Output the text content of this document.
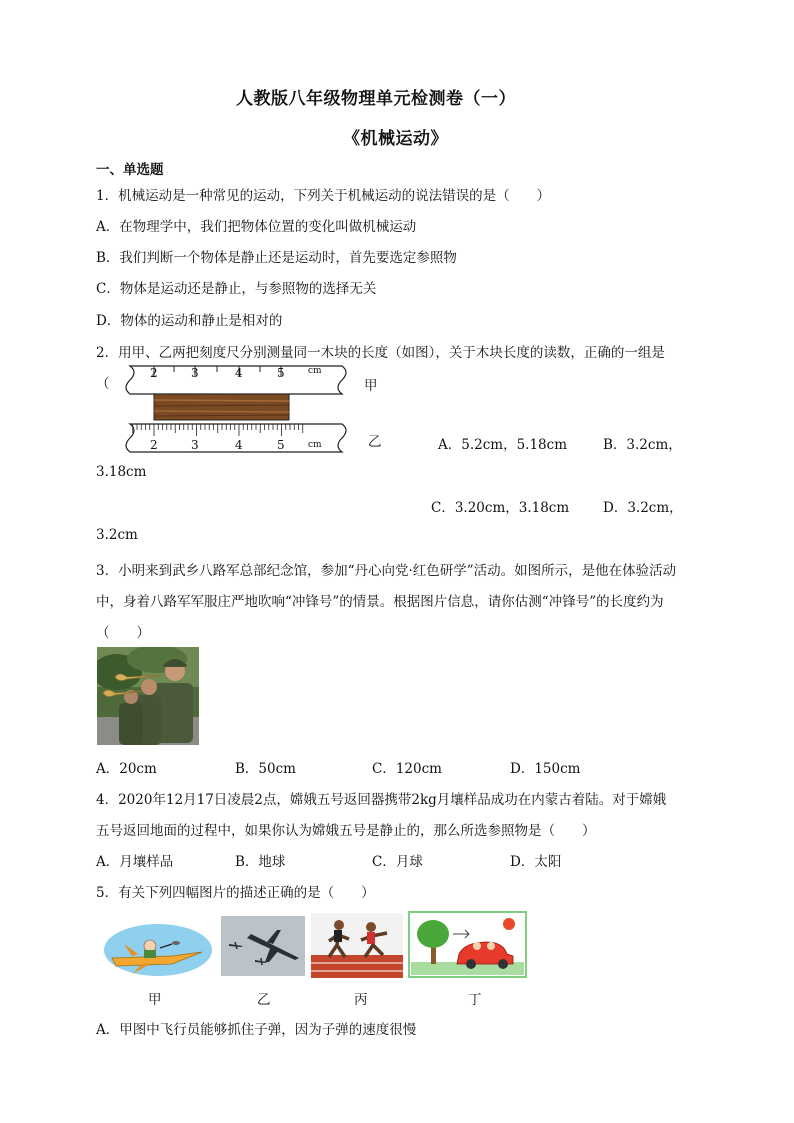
人教版八年级物理单元检测卷（一）
《机械运动》
一、单选题
1．机械运动是一种常见的运动，下列关于机械运动的说法错误的是（　　）
A．在物理学中，我们把物体位置的变化叫做机械运动
B．我们判断一个物体是静止还是运动时，首先要选定参照物
C．物体是运动还是静止，与参照物的选择无关
D．物体的运动和静止是相对的
2．用甲、乙两把刻度尺分别测量同一木块的长度（如图），关于木块长度的读数，正确的一组是
（
2	3	4	5	cm
2	3	4	5	cm
甲
乙	A．5.2cm，5.18cm	B．3.2cm，
3.18cm
C．3.20cm，3.18cm	D．3.2cm，
3.2cm
3．小明来到武乡八路军总部纪念馆，参加“丹心向党·红色研学”活动。如图所示，是他在体验活动
中，身着八路军军服庄严地吹响“冲锋号”的情景。根据图片信息，请你估测“冲锋号”的长度约为
（　　）
A．20cm	B．50cm	C．120cm	D．150cm
4．2020年12月17日凌晨2点，嫦娥五号返回器携带2kg月壤样品成功在内蒙古着陆。对于嫦娥
五号返回地面的过程中，如果你认为嫦娥五号是静止的，那么所选参照物是（　　）
A．月壤样品	B．地球	C．月球	D．太阳
5．有关下列四幅图片的描述正确的是（　　）
甲	乙	丙	丁
A．甲图中飞行员能够抓住子弹，因为子弹的速度很慢
